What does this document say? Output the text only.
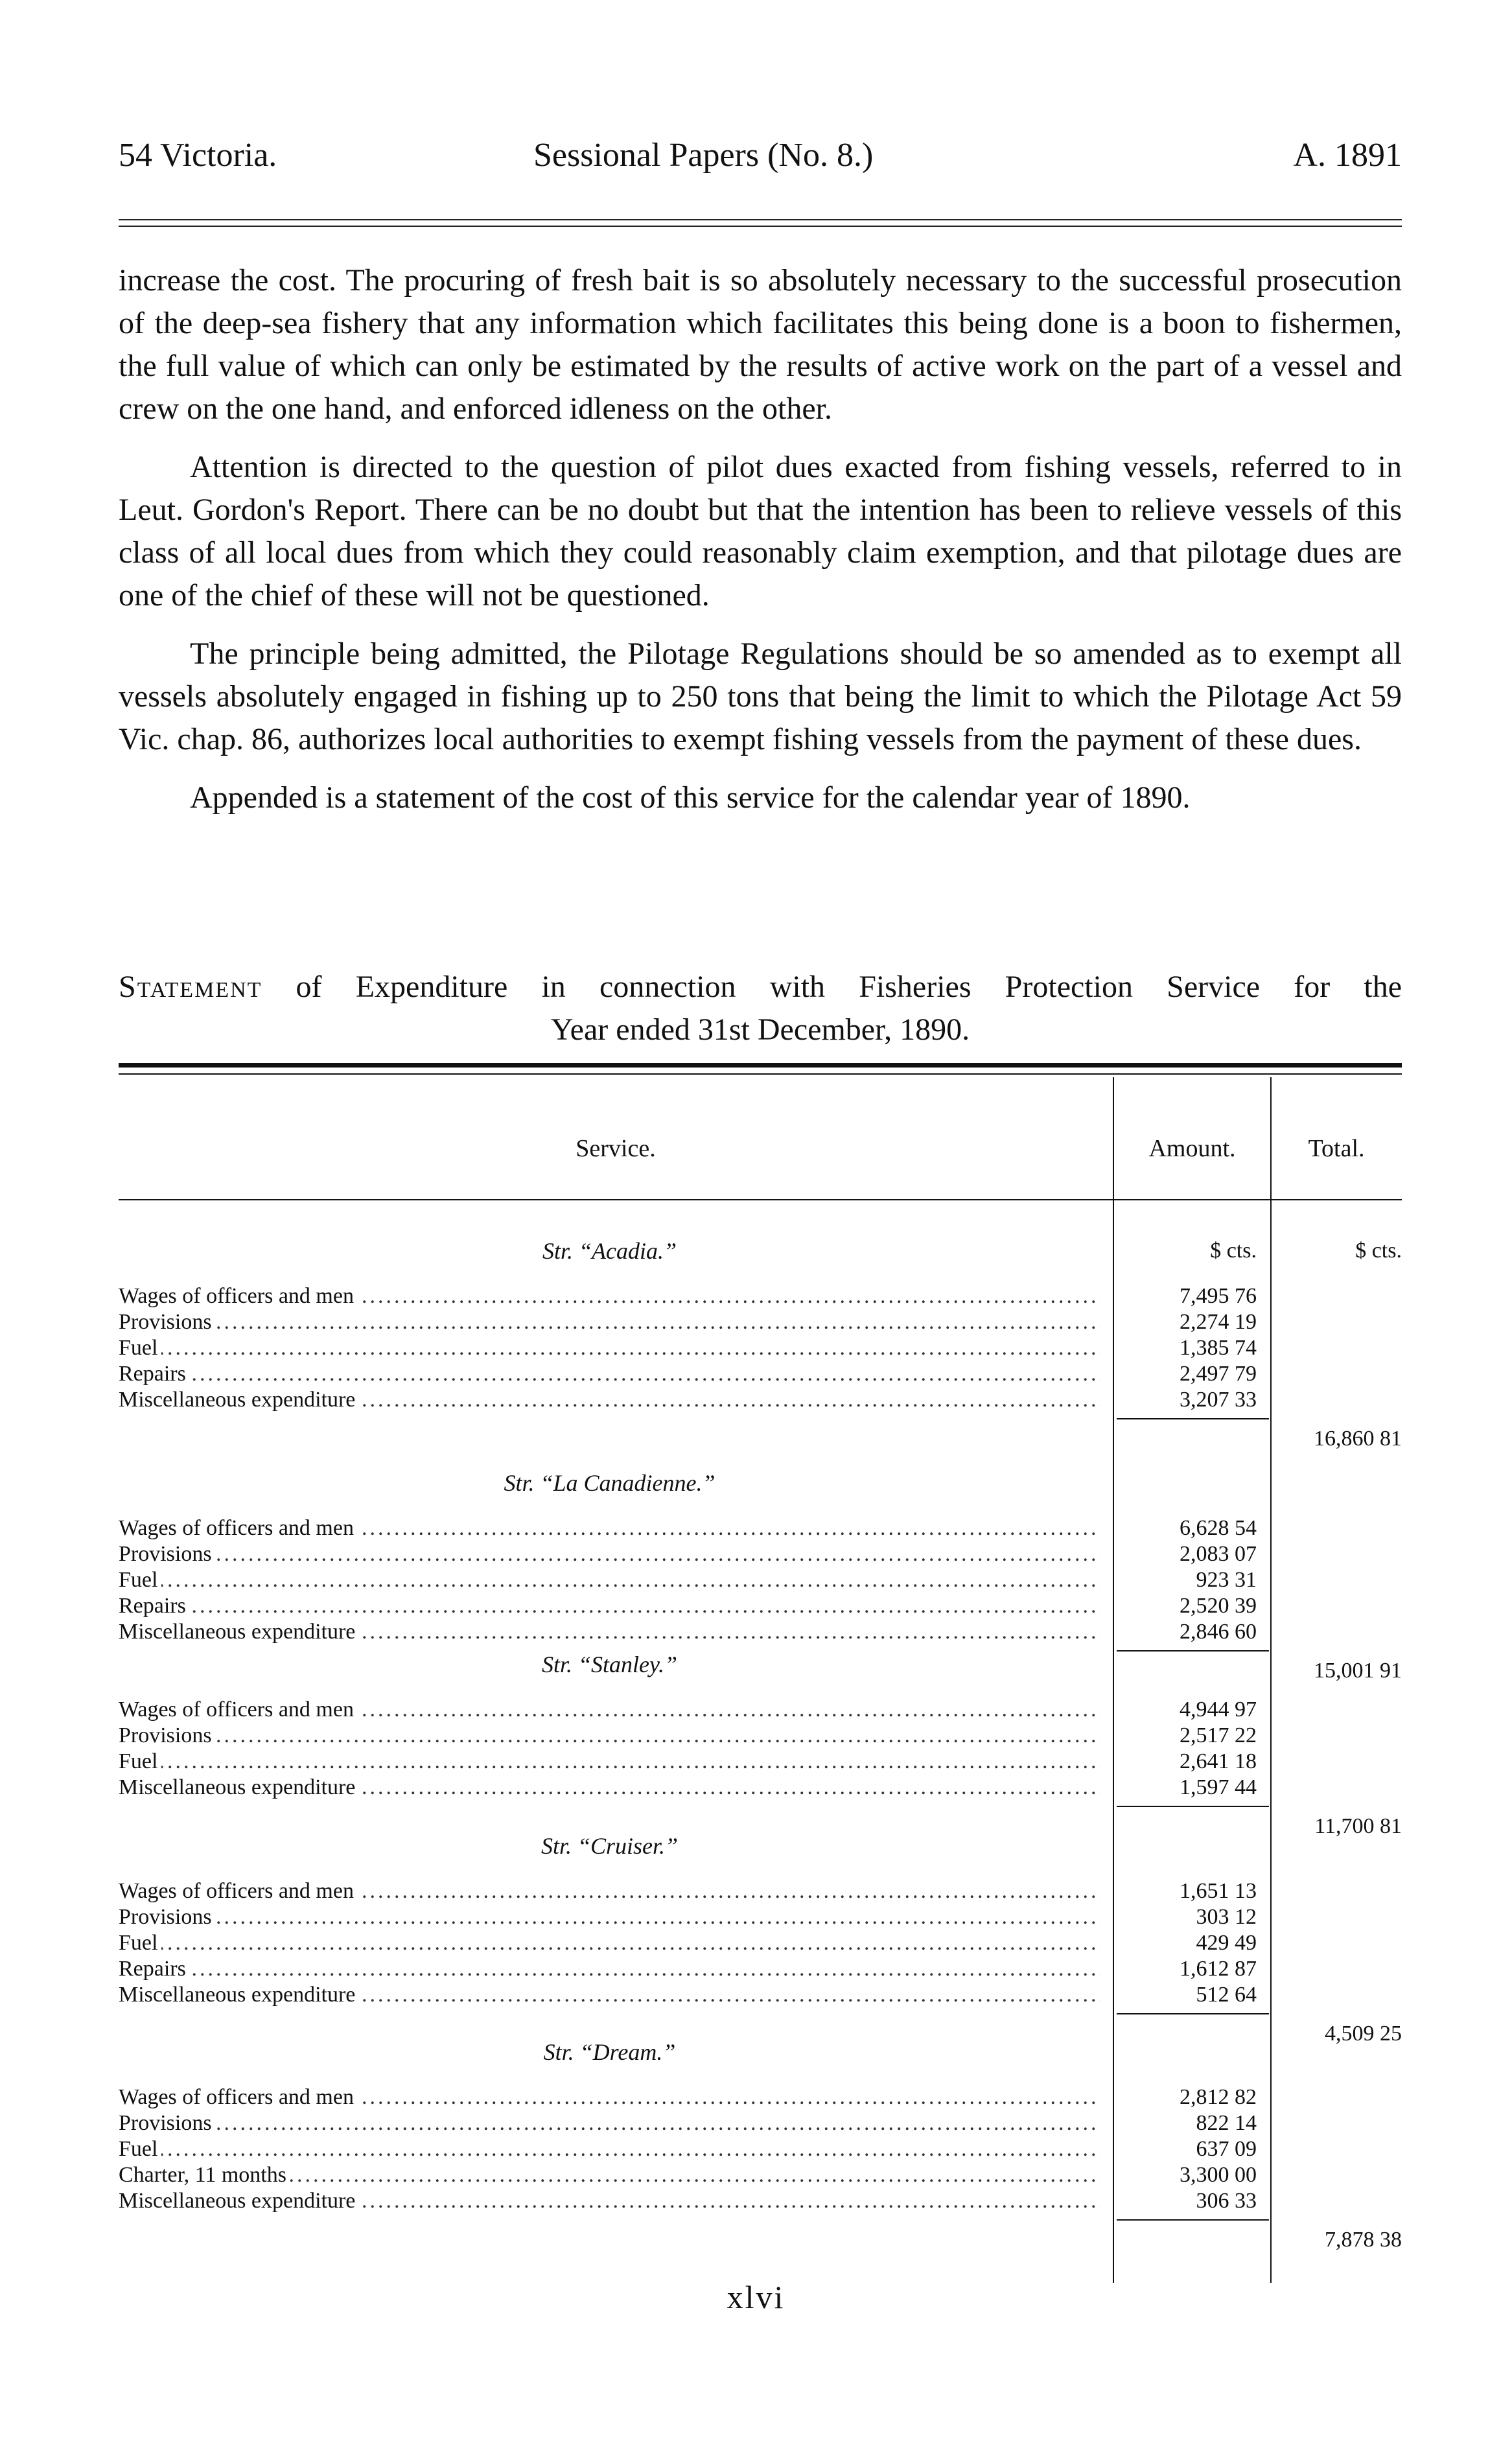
54 Victoria.	Sessional Papers (No. 8.)	A. 1891

increase the cost. The procuring of fresh bait is so absolutely necessary to the successful prosecution of the deep-sea fishery that any information which facilitates this being done is a boon to fishermen, the full value of which can only be estimated by the results of active work on the part of a vessel and crew on the one hand, and enforced idleness on the other.

Attention is directed to the question of pilot dues exacted from fishing vessels, referred to in Leut. Gordon's Report. There can be no doubt but that the intention has been to relieve vessels of this class of all local dues from which they could reasonably claim exemption, and that pilotage dues are one of the chief of these will not be questioned.

The principle being admitted, the Pilotage Regulations should be so amended as to exempt all vessels absolutely engaged in fishing up to 250 tons that being the limit to which the Pilotage Act 59 Vic. chap. 86, authorizes local authorities to exempt fishing vessels from the payment of these dues.

Appended is a statement of the cost of this service for the calendar year of 1890.

Statement of Expenditure in connection with Fisheries Protection Service for the
Year ended 31st December, 1890.
Service.	Amount.	Total.
$ cts.	$ cts.
Str. “Acadia.”
Wages of officers and men .....	7,495 76
Provisions .....	2,274 19
Fuel .....	1,385 74
Repairs .....	2,497 79
Miscellaneous expenditure .....	3,207 33
16,860 81
Str. “La Canadienne.”
Wages of officers and men .....	6,628 54
Provisions .....	2,083 07
Fuel .....	923 31
Repairs .....	2,520 39
Miscellaneous expenditure .....	2,846 60
15,001 91
Str. “Stanley.”
Wages of officers and men .....	4,944 97
Provisions .....	2,517 22
Fuel .....	2,641 18
Miscellaneous expenditure .....	1,597 44
11,700 81
Str. “Cruiser.”
Wages of officers and men .....	1,651 13
Provisions .....	303 12
Fuel .....	429 49
Repairs .....	1,612 87
Miscellaneous expenditure .....	512 64
4,509 25
Str. “Dream.”
Wages of officers and men .....	2,812 82
Provisions .....	822 14
Fuel .....	637 09
Charter, 11 months .....	3,300 00
Miscellaneous expenditure .....	306 33
7,878 38
xlvi
